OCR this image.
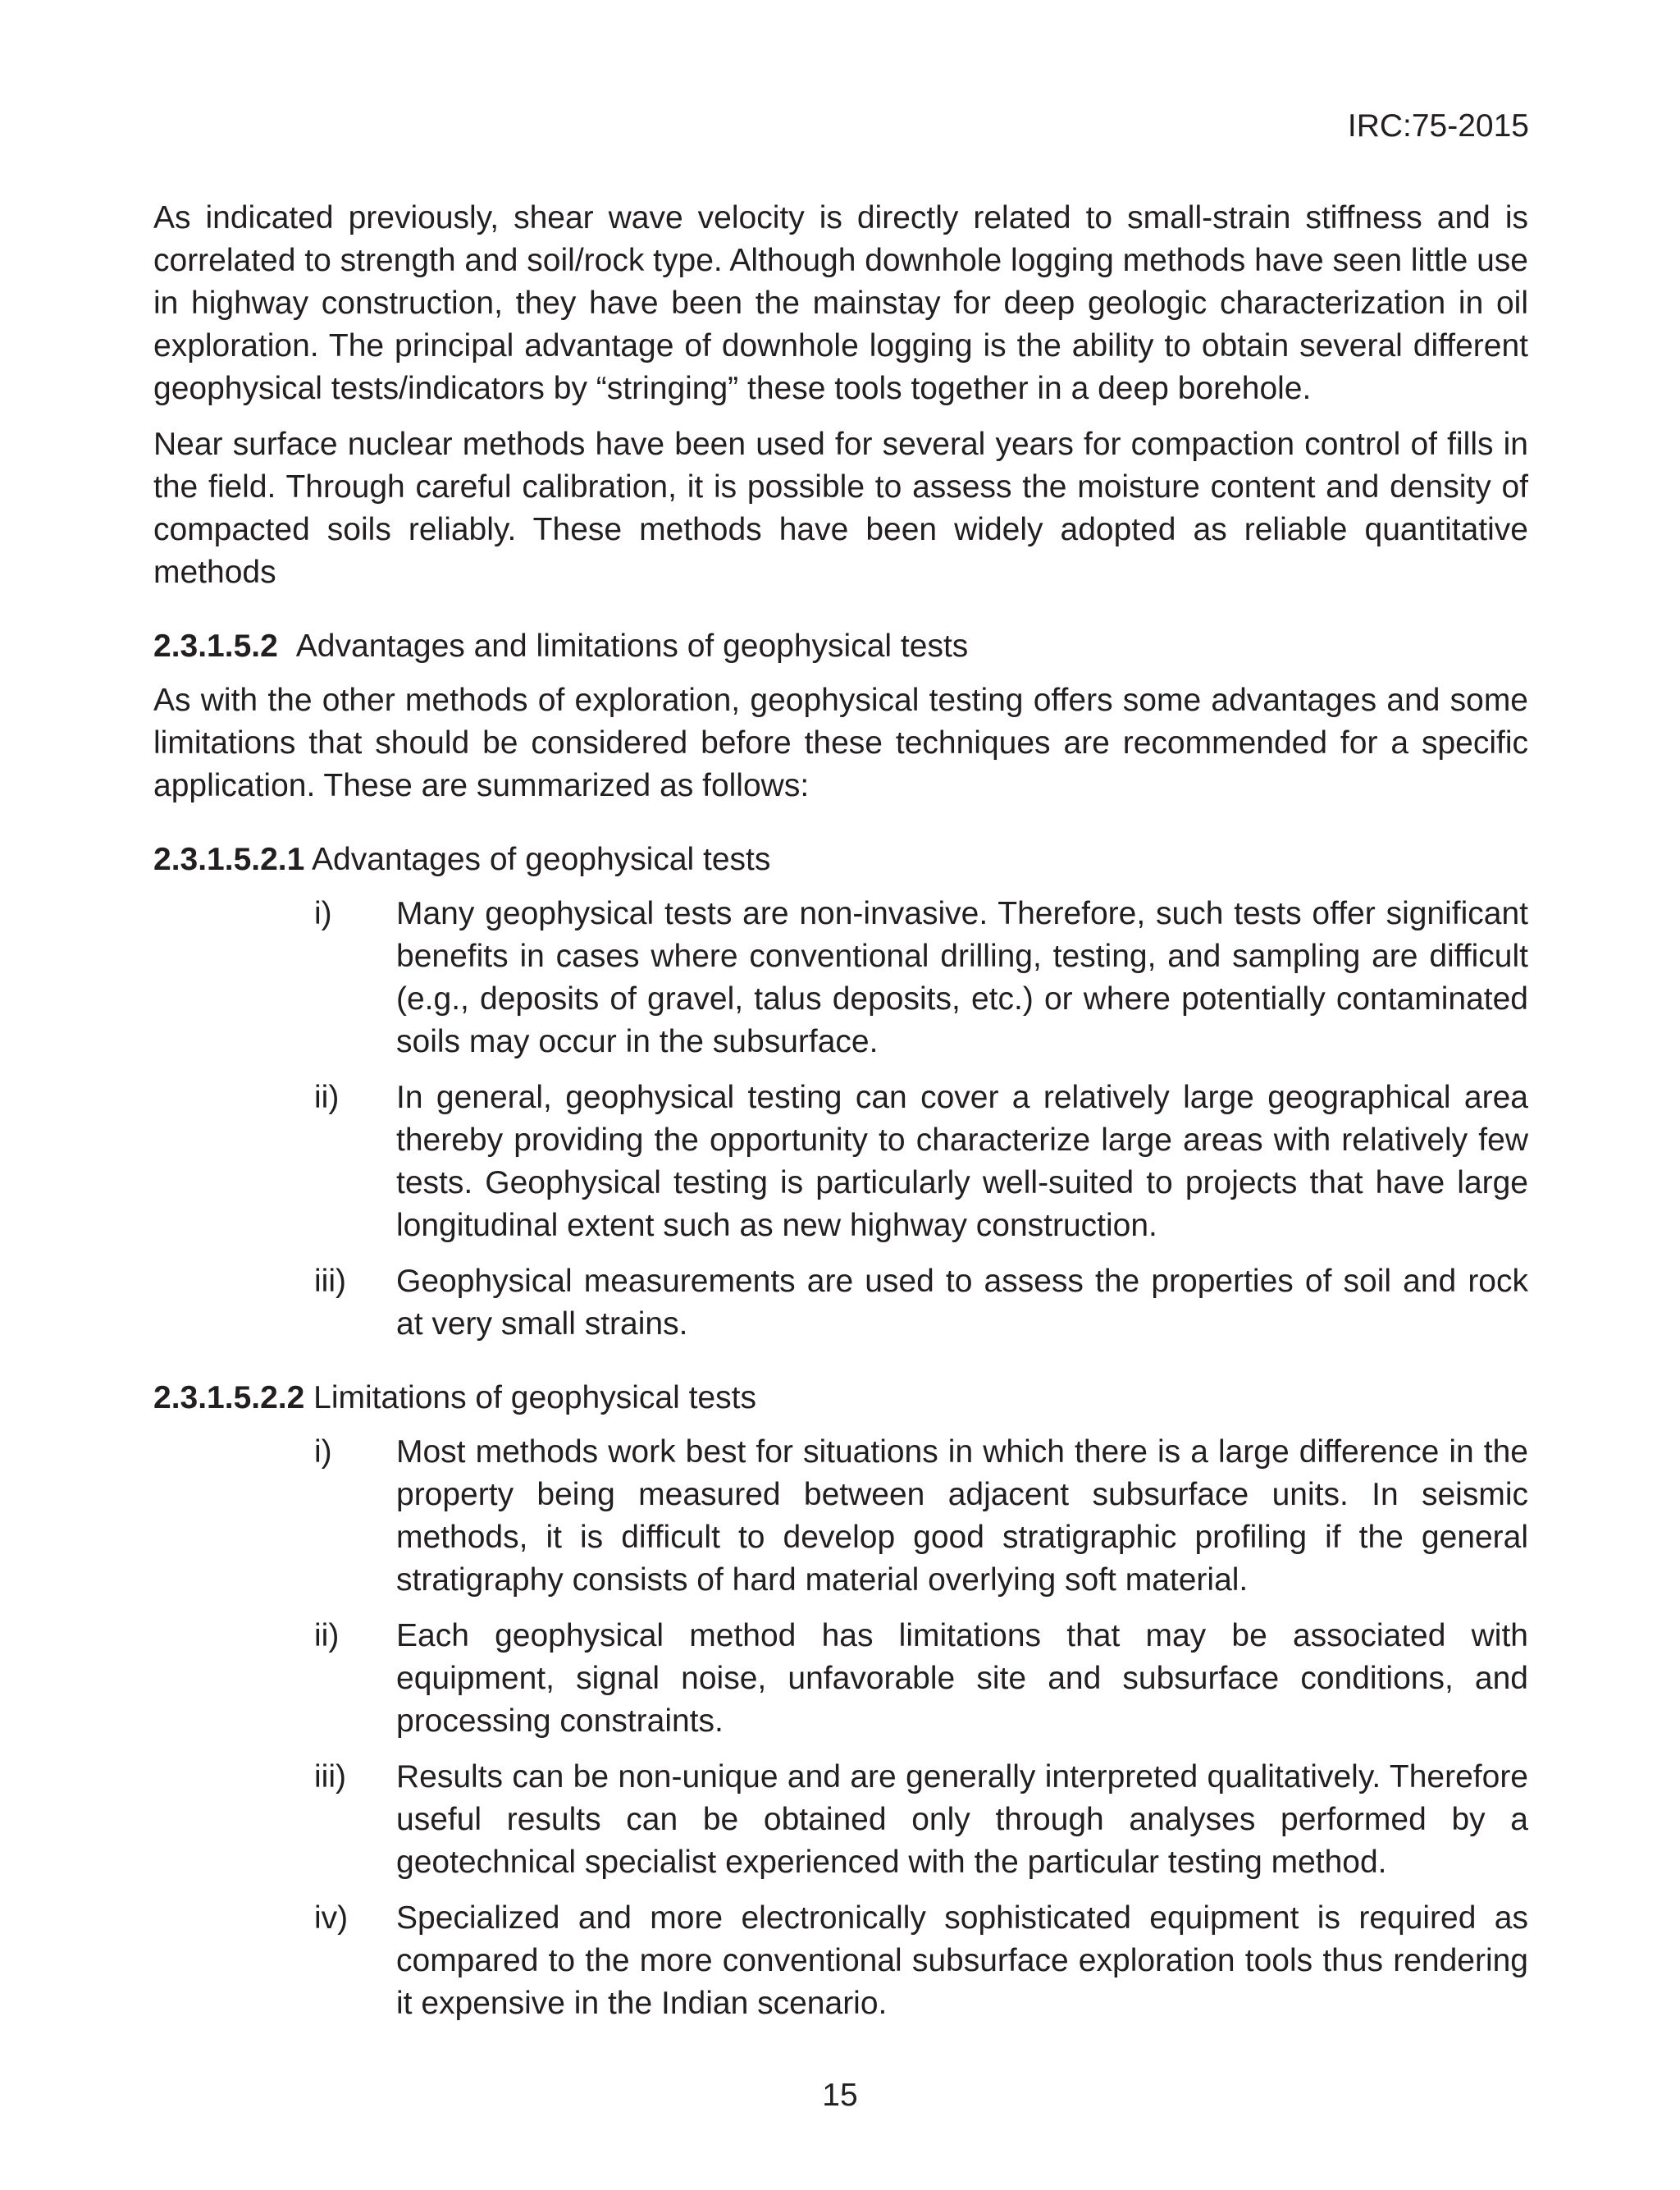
IRC:75-2015

As indicated previously, shear wave velocity is directly related to small-strain stiffness and is correlated to strength and soil/rock type. Although downhole logging methods have seen little use in highway construction, they have been the mainstay for deep geologic characterization in oil exploration. The principal advantage of downhole logging is the ability to obtain several different geophysical tests/indicators by “stringing” these tools together in a deep borehole.

Near surface nuclear methods have been used for several years for compaction control of fills in the field. Through careful calibration, it is possible to assess the moisture content and density of compacted soils reliably. These methods have been widely adopted as reliable quantitative methods

2.3.1.5.2 Advantages and limitations of geophysical tests

As with the other methods of exploration, geophysical testing offers some advantages and some limitations that should be considered before these techniques are recommended for a specific application. These are summarized as follows:

2.3.1.5.2.1 Advantages of geophysical tests

i) Many geophysical tests are non-invasive. Therefore, such tests offer significant benefits in cases where conventional drilling, testing, and sampling are difficult (e.g., deposits of gravel, talus deposits, etc.) or where potentially contaminated soils may occur in the subsurface.
ii) In general, geophysical testing can cover a relatively large geographical area thereby providing the opportunity to characterize large areas with relatively few tests. Geophysical testing is particularly well-suited to projects that have large longitudinal extent such as new highway construction.
iii) Geophysical measurements are used to assess the properties of soil and rock at very small strains.

2.3.1.5.2.2 Limitations of geophysical tests

i) Most methods work best for situations in which there is a large difference in the property being measured between adjacent subsurface units. In seismic methods, it is difficult to develop good stratigraphic profiling if the general stratigraphy consists of hard material overlying soft material.
ii) Each geophysical method has limitations that may be associated with equipment, signal noise, unfavorable site and subsurface conditions, and processing constraints.
iii) Results can be non-unique and are generally interpreted qualitatively. Therefore useful results can be obtained only through analyses performed by a geotechnical specialist experienced with the particular testing method.
iv) Specialized and more electronically sophisticated equipment is required as compared to the more conventional subsurface exploration tools thus rendering it expensive in the Indian scenario.
15
